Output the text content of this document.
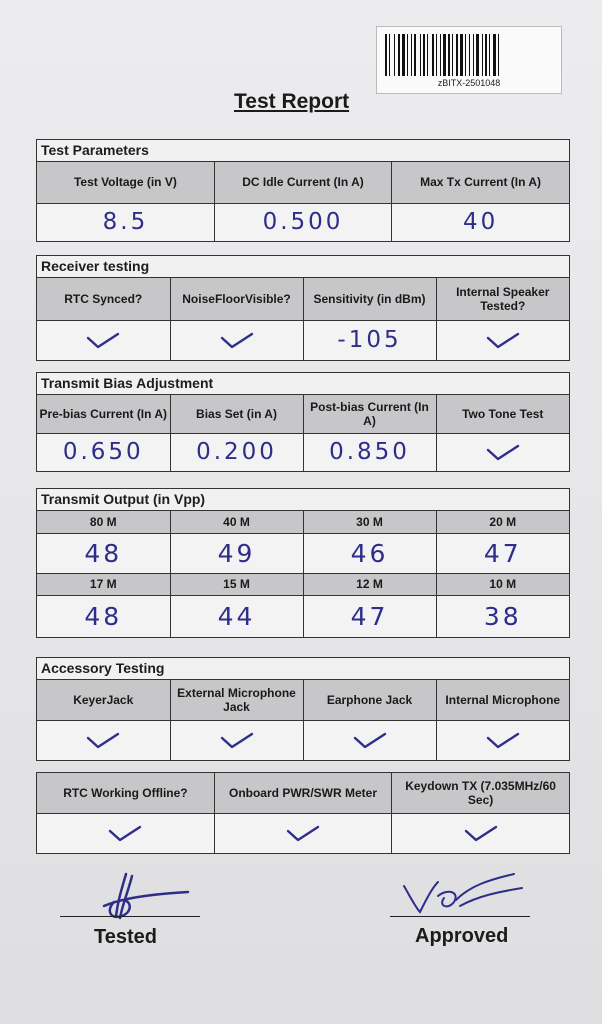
zBITX-2501048
Test Report
Test Parameters
Test Voltage (in V)	DC Idle Current (In A)	Max Tx Current (In A)
8.5	0.500	40
Receiver testing
RTC Synced?	NoiseFloorVisible?	Sensitivity (in dBm)	Internal Speaker Tested?
		-105	
Transmit Bias Adjustment
Pre-bias Current (In A)	Bias Set (in A)	Post-bias Current (In A)	Two Tone Test
0.650	0.200	0.850	
Transmit Output (in Vpp)
80 M	40 M	30 M	20 M
48	49	46	47
17 M	15 M	12 M	10 M
48	44	47	38
Accessory Testing
KeyerJack	External Microphone Jack	Earphone Jack	Internal Microphone

RTC Working Offline?	Onboard PWR/SWR Meter	Keydown TX (7.035MHz/60 Sec)

Tested	Approved
